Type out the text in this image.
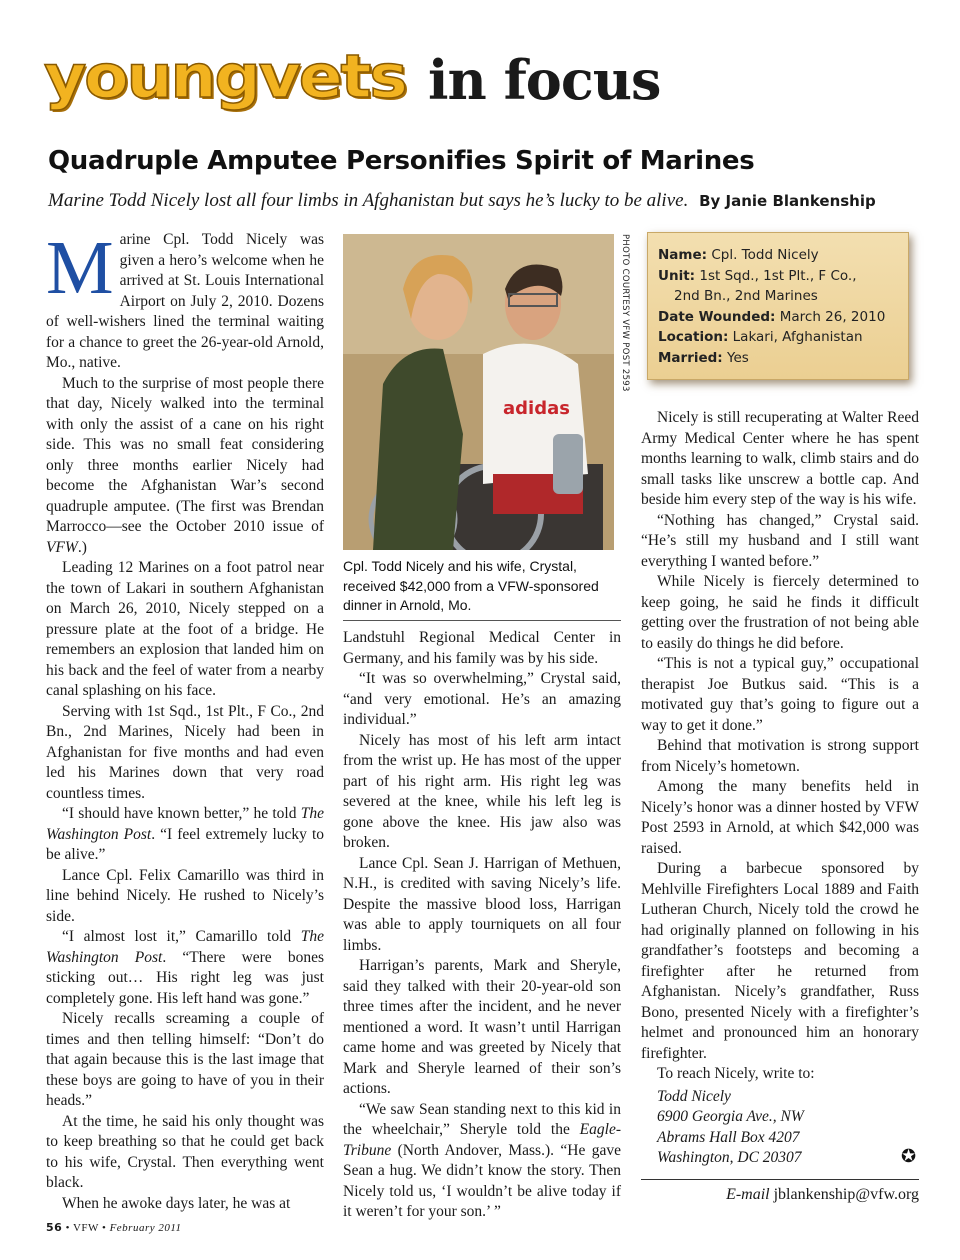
youngvets in focus
Quadruple Amputee Personifies Spirit of Marines
Marine Todd Nicely lost all four limbs in Afghanistan but says he’s lucky to be alive. By Janie Blankenship
M arine Cpl. Todd Nicely was given a hero’s welcome when he arrived at St. Louis International Airport on July 2, 2010. Dozens of well-wishers lined the terminal waiting for a chance to greet the 26-year-old Arnold, Mo., native.

Much to the surprise of most people there that day, Nicely walked into the terminal with only the assist of a cane on his right side. This was no small feat considering only three months earlier Nicely had become the Afghanistan War’s second quadruple amputee. (The first was Brendan Marrocco—see the October 2010 issue of VFW.)

Leading 12 Marines on a foot patrol near the town of Lakari in southern Afghanistan on March 26, 2010, Nicely stepped on a pressure plate at the foot of a bridge. He remembers an explosion that landed him on his back and the feel of water from a nearby canal splashing on his face.

Serving with 1st Sqd., 1st Plt., F Co., 2nd Bn., 2nd Marines, Nicely had been in Afghanistan for five months and had even led his Marines down that very road countless times.

“I should have known better,” he told The Washington Post. “I feel extremely lucky to be alive.”

Lance Cpl. Felix Camarillo was third in line behind Nicely. He rushed to Nicely’s side.

“I almost lost it,” Camarillo told The Washington Post. “There were bones sticking out… His right leg was just completely gone. His left hand was gone.”

Nicely recalls screaming a couple of times and then telling himself: “Don’t do that again because this is the last image that these boys are going to have of you in their heads.”

At the time, he said his only thought was to keep breathing so that he could get back to his wife, Crystal. Then everything went black.

When he awoke days later, he was at

adidas
PHOTO COURTESY VFW POST 2593
Cpl. Todd Nicely and his wife, Crystal, received $42,000 from a VFW-sponsored dinner in Arnold, Mo.

Landstuhl Regional Medical Center in Germany, and his family was by his side.

“It was so overwhelming,” Crystal said, “and very emotional. He’s an amazing individual.”

Nicely has most of his left arm intact from the wrist up. He has most of the upper part of his right arm. His right leg was severed at the knee, while his left leg is gone above the knee. His jaw also was broken.

Lance Cpl. Sean J. Harrigan of Methuen, N.H., is credited with saving Nicely’s life. Despite the massive blood loss, Harrigan was able to apply tourniquets on all four limbs.

Harrigan’s parents, Mark and Sheryle, said they talked with their 20-year-old son three times after the incident, and he never mentioned a word. It wasn’t until Harrigan came home and was greeted by Nicely that Mark and Sheryle learned of their son’s actions.

“We saw Sean standing next to this kid in the wheelchair,” Sheryle told the Eagle-Tribune (North Andover, Mass.). “He gave Sean a hug. We didn’t know the story. Then Nicely told us, ‘I wouldn’t be alive today if it weren’t for your son.’ ”

Name: Cpl. Todd Nicely
Unit: 1st Sqd., 1st Plt., F Co.,
2nd Bn., 2nd Marines
Date Wounded: March 26, 2010
Location: Lakari, Afghanistan
Married: Yes

Nicely is still recuperating at Walter Reed Army Medical Center where he has spent months learning to walk, climb stairs and do small tasks like unscrew a bottle cap. And beside him every step of the way is his wife.

“Nothing has changed,” Crystal said. “He’s still my husband and I still want everything I wanted before.”

While Nicely is fiercely determined to keep going, he said he finds it difficult getting over the frustration of not being able to easily do things he did before.

“This is not a typical guy,” occupational therapist Joe Butkus said. “This is a motivated guy that’s going to figure out a way to get it done.”

Behind that motivation is strong support from Nicely’s hometown.

Among the many benefits held in Nicely’s honor was a dinner hosted by VFW Post 2593 in Arnold, at which $42,000 was raised.

During a barbecue sponsored by Mehlville Firefighters Local 1889 and Faith Lutheran Church, Nicely told the crowd he had originally planned on following in his grandfather’s footsteps and becoming a firefighter after he returned from Afghanistan. Nicely’s grandfather, Russ Bono, presented Nicely with a firefighter’s helmet and pronounced him an honorary firefighter.

To reach Nicely, write to:

Todd Nicely

6900 Georgia Ave., NW

Abrams Hall Box 4207

Washington, DC 20307	✪
E-mail jblankenship@vfw.org
56 • VFW • February 2011
